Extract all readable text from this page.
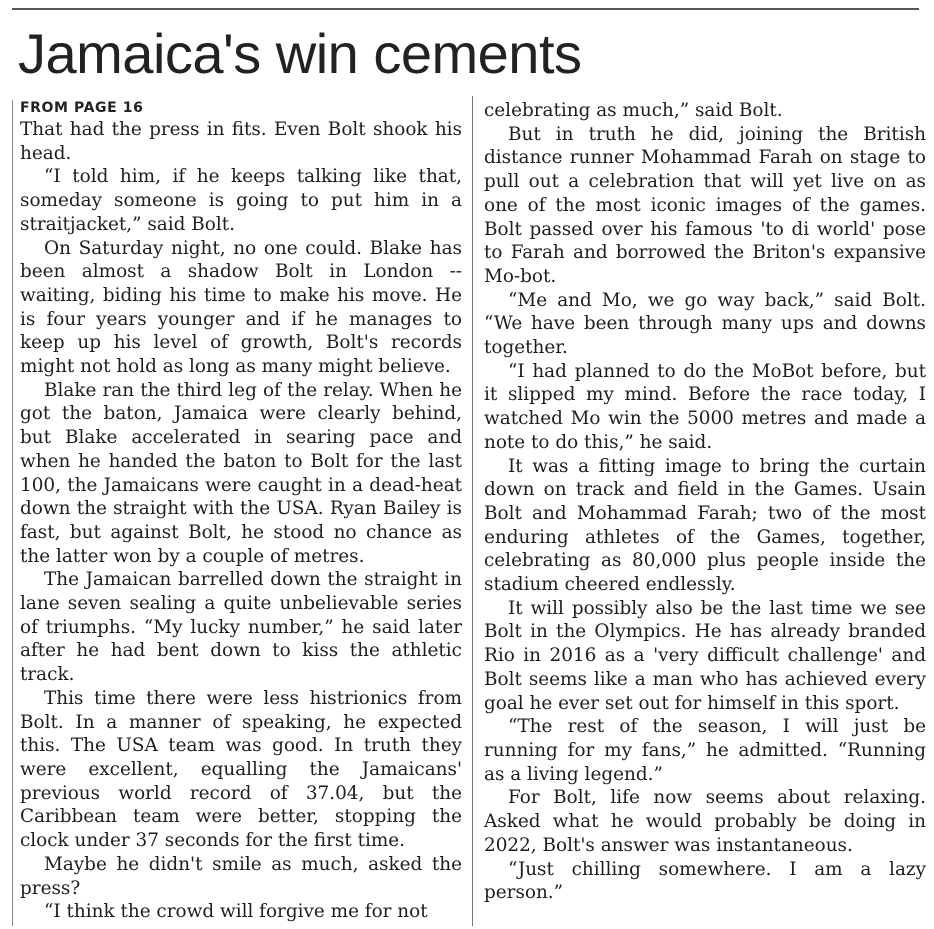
Jamaica's win cements
FROM PAGE 16

That had the press in fits. Even Bolt shook his head.

“I told him, if he keeps talking like that, someday someone is going to put him in a straitjacket,” said Bolt.

On Saturday night, no one could. Blake has been almost a shadow Bolt in London -- waiting, biding his time to make his move. He is four years younger and if he manages to keep up his level of growth, Bolt's records might not hold as long as many might believe.

Blake ran the third leg of the relay. When he got the baton, Jamaica were clearly behind, but Blake accelerated in searing pace and when he handed the baton to Bolt for the last 100, the Jamaicans were caught in a dead-heat down the straight with the USA. Ryan Bailey is fast, but against Bolt, he stood no chance as the latter won by a couple of metres.

The Jamaican barrelled down the straight in lane seven sealing a quite unbelievable series of triumphs. “My lucky number,” he said later after he had bent down to kiss the athletic track.

This time there were less histrionics from Bolt. In a manner of speaking, he expected this. The USA team was good. In truth they were excellent, equalling the Jamaicans' previous world record of 37.04, but the Caribbean team were better, stopping the clock under 37 seconds for the first time.

Maybe he didn't smile as much, asked the press?

“I think the crowd will forgive me for not

celebrating as much,” said Bolt.

But in truth he did, joining the British distance runner Mohammad Farah on stage to pull out a celebration that will yet live on as one of the most iconic images of the games. Bolt passed over his famous 'to di world' pose to Farah and borrowed the Briton's expansive Mo-bot.

“Me and Mo, we go way back,” said Bolt. “We have been through many ups and downs together.

“I had planned to do the MoBot before, but it slipped my mind. Before the race today, I watched Mo win the 5000 metres and made a note to do this,” he said.

It was a fitting image to bring the curtain down on track and field in the Games. Usain Bolt and Mohammad Farah; two of the most enduring athletes of the Games, together, celebrating as 80,000 plus people inside the stadium cheered endlessly.

It will possibly also be the last time we see Bolt in the Olympics. He has already branded Rio in 2016 as a 'very difficult challenge' and Bolt seems like a man who has achieved every goal he ever set out for himself in this sport.

“The rest of the season, I will just be running for my fans,” he admitted. “Running as a living legend.”

For Bolt, life now seems about relaxing. Asked what he would probably be doing in 2022, Bolt's answer was instantaneous.

“Just chilling somewhere. I am a lazy person.”
